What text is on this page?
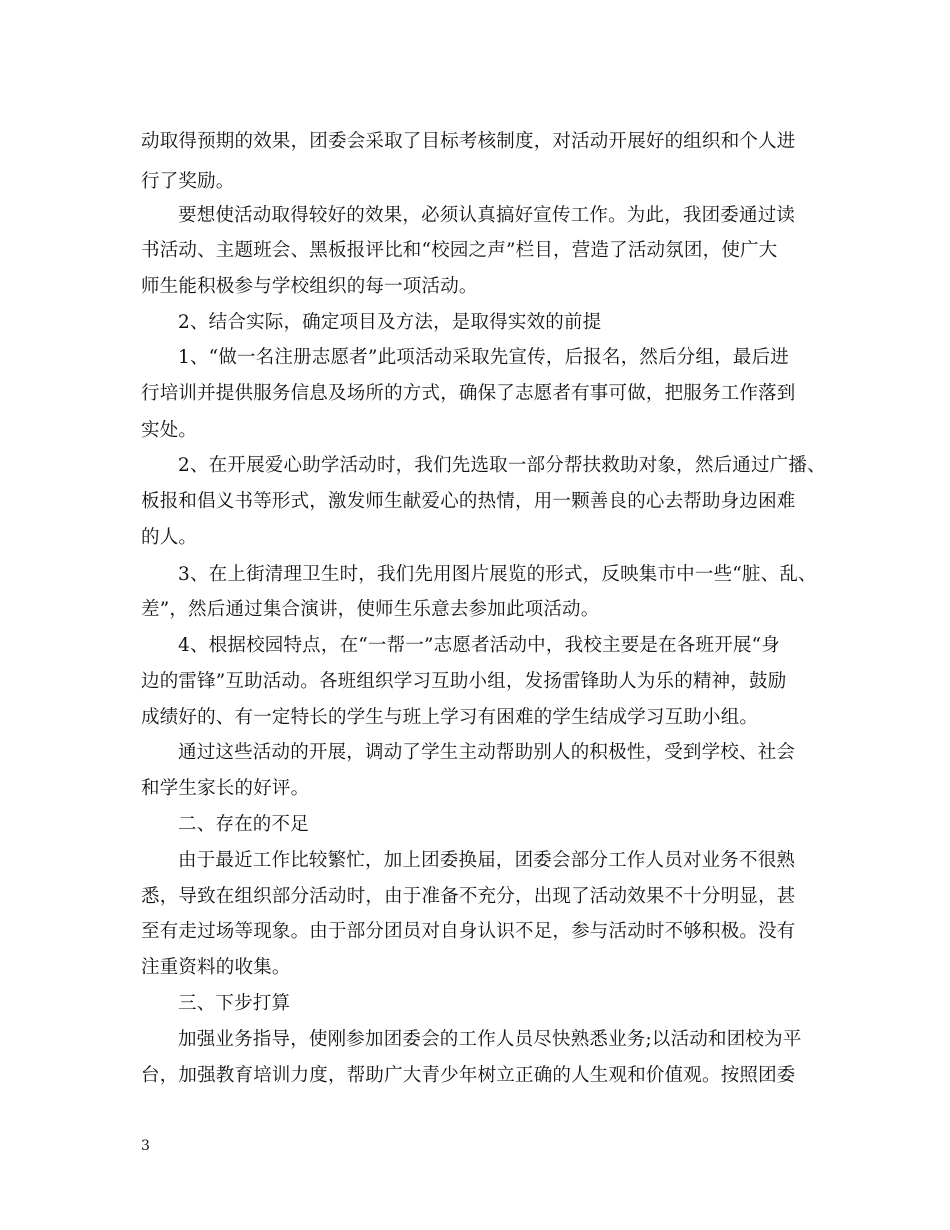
动取得预期的效果，团委会采取了目标考核制度，对活动开展好的组织和个人进
行了奖励。
要想使活动取得较好的效果，必须认真搞好宣传工作。为此，我团委通过读
书活动、主题班会、黑板报评比和“校园之声”栏目，营造了活动氛团，使广大
师生能积极参与学校组织的每一项活动。
2、结合实际，确定项目及方法，是取得实效的前提
1、“做一名注册志愿者”此项活动采取先宣传，后报名，然后分组，最后进
行培训并提供服务信息及场所的方式，确保了志愿者有事可做，把服务工作落到
实处。
2、在开展爱心助学活动时，我们先选取一部分帮扶救助对象，然后通过广播、
板报和倡义书等形式，激发师生献爱心的热情，用一颗善良的心去帮助身边困难
的人。
3、在上街清理卫生时，我们先用图片展览的形式，反映集市中一些“脏、乱、
差”，然后通过集合演讲，使师生乐意去参加此项活动。
4、根据校园特点，在“一帮一”志愿者活动中，我校主要是在各班开展“身
边的雷锋”互助活动。各班组织学习互助小组，发扬雷锋助人为乐的精神，鼓励
成绩好的、有一定特长的学生与班上学习有困难的学生结成学习互助小组。
通过这些活动的开展，调动了学生主动帮助别人的积极性，受到学校、社会
和学生家长的好评。
二、存在的不足
由于最近工作比较繁忙，加上团委换届，团委会部分工作人员对业务不很熟
悉，导致在组织部分活动时，由于准备不充分，出现了活动效果不十分明显，甚
至有走过场等现象。由于部分团员对自身认识不足，参与活动时不够积极。没有
注重资料的收集。
三、下步打算
加强业务指导，使刚参加团委会的工作人员尽快熟悉业务;以活动和团校为平
台，加强教育培训力度，帮助广大青少年树立正确的人生观和价值观。按照团委
3
